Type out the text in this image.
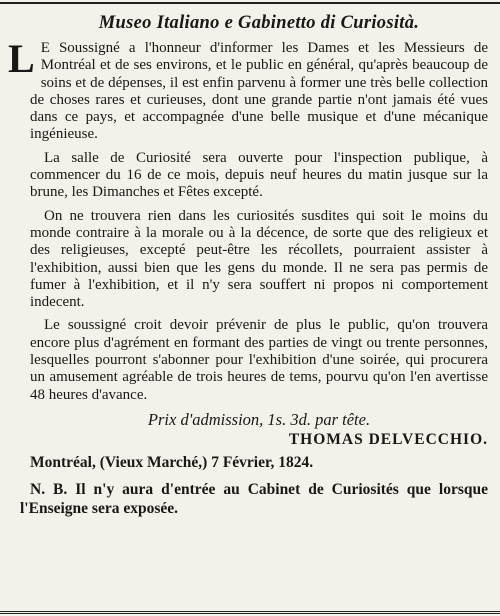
Museo Italiano e Gabinetto di Curiosità.

L E Soussigné a l'honneur d'informer les Dames et les Messieurs de Montréal et de ses environs, et le public en général, qu'après beaucoup de soins et de dépenses, il est enfin parvenu à former une très belle collection de choses rares et curieuses, dont une grande partie n'ont jamais été vues dans ce pays, et accompagnée d'une belle musique et d'une mécanique ingénieuse.

La salle de Curiosité sera ouverte pour l'inspection publique, à commencer du 16 de ce mois, depuis neuf heures du matin jusque sur la brune, les Dimanches et Fêtes excepté.

On ne trouvera rien dans les curiosités susdites qui soit le moins du monde contraire à la morale ou à la décence, de sorte que des religieux et des religieuses, excepté peut-être les récollets, pourraient assister à l'exhibition, aussi bien que les gens du monde. Il ne sera pas permis de fumer à l'exhibition, et il n'y sera souffert ni propos ni comportement indecent.

Le soussigné croit devoir prévenir de plus le public, qu'on trouvera encore plus d'agrément en formant des parties de vingt ou trente personnes, lesquelles pourront s'abonner pour l'exhibition d'une soirée, qui procurera un amusement agréable de trois heures de tems, pourvu qu'on l'en avertisse 48 heures d'avance.

Prix d'admission, 1s. 3d. par tête.

THOMAS DELVECCHIO.

Montréal, (Vieux Marché,) 7 Février, 1824.

N. B. Il n'y aura d'entrée au Cabinet de Curiosités que lorsque l'Enseigne sera exposée.
